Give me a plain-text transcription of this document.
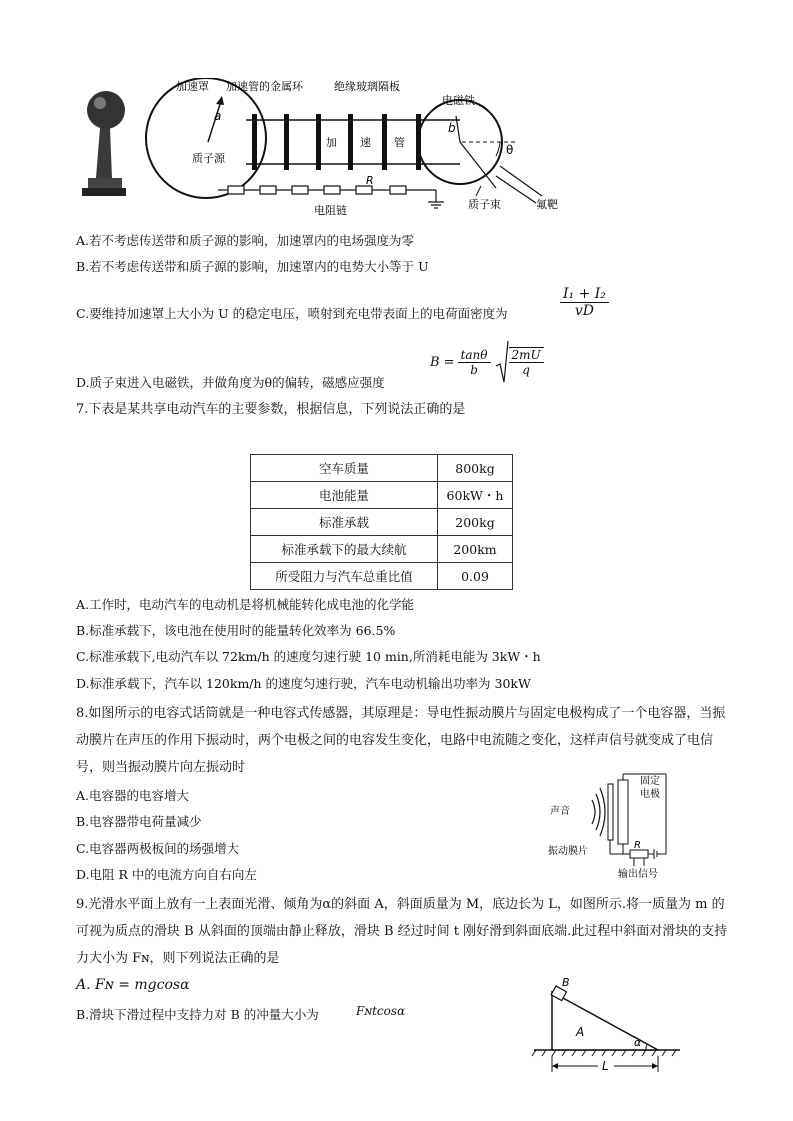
加速罩 加速管的金属环	绝缘玻璃隔板
电磁铁
a
质子源
加 速 管
b
θ
R
电阻链	质子束	氟靶
A.若不考虑传送带和质子源的影响，加速罩内的电场强度为零
B.若不考虑传送带和质子源的影响，加速罩内的电势大小等于 U
C.要维持加速罩上大小为 U 的稳定电压，喷射到充电带表面上的电荷面密度为	$\frac{\text{I₁ + I₂}}{vD}$
D.质子束进入电磁铁，并做角度为θ的偏转，磁感应强度
$B = \frac{\tan\theta}{b} \frac{2mU}{q}$
7.下表是某共享电动汽车的主要参数，根据信息，下列说法正确的是
空车质量	800kg
电池能量	60kW・h
标准承载	200kg
标准承载下的最大续航	200km
所受阻力与汽车总重比值	0.09
A.工作时，电动汽车的电动机是将机械能转化成电池的化学能
B.标准承载下，该电池在使用时的能量转化效率为 66.5%
C.标准承载下,电动汽车以 72km/h 的速度匀速行驶 10 min,所消耗电能为 3kW・h
D.标准承载下，汽车以 120km/h 的速度匀速行驶，汽车电动机输出功率为 30kW
8.如图所示的电容式话筒就是一种电容式传感器，其原理是：导电性振动膜片与固定电极构成了一个电容器，当振动膜片在声压的作用下振动时，两个电极之间的电容发生变化，电路中电流随之变化，这样声信号就变成了电信号，则当振动膜片向左振动时
A.电容器的电容增大
B.电容器带电荷量减少
C.电容器两极板间的场强增大
D.电阻 R 中的电流方向自右向左
固定
电极
声音
振动膜片
R
输出信号
9.光滑水平面上放有一上表面光滑、倾角为α的斜面 A，斜面质量为 M，底边长为 L，如图所示.将一质量为 m 的可视为质点的滑块 B 从斜面的顶端由静止释放，滑块 B 经过时间 t 刚好滑到斜面底端.此过程中斜面对滑块的支持力大小为 Fɴ，则下列说法正确的是
A. Fɴ = mgcosα
B.滑块下滑过程中支持力对 B 的冲量大小为	Fɴtcosα
B
A
α
L
